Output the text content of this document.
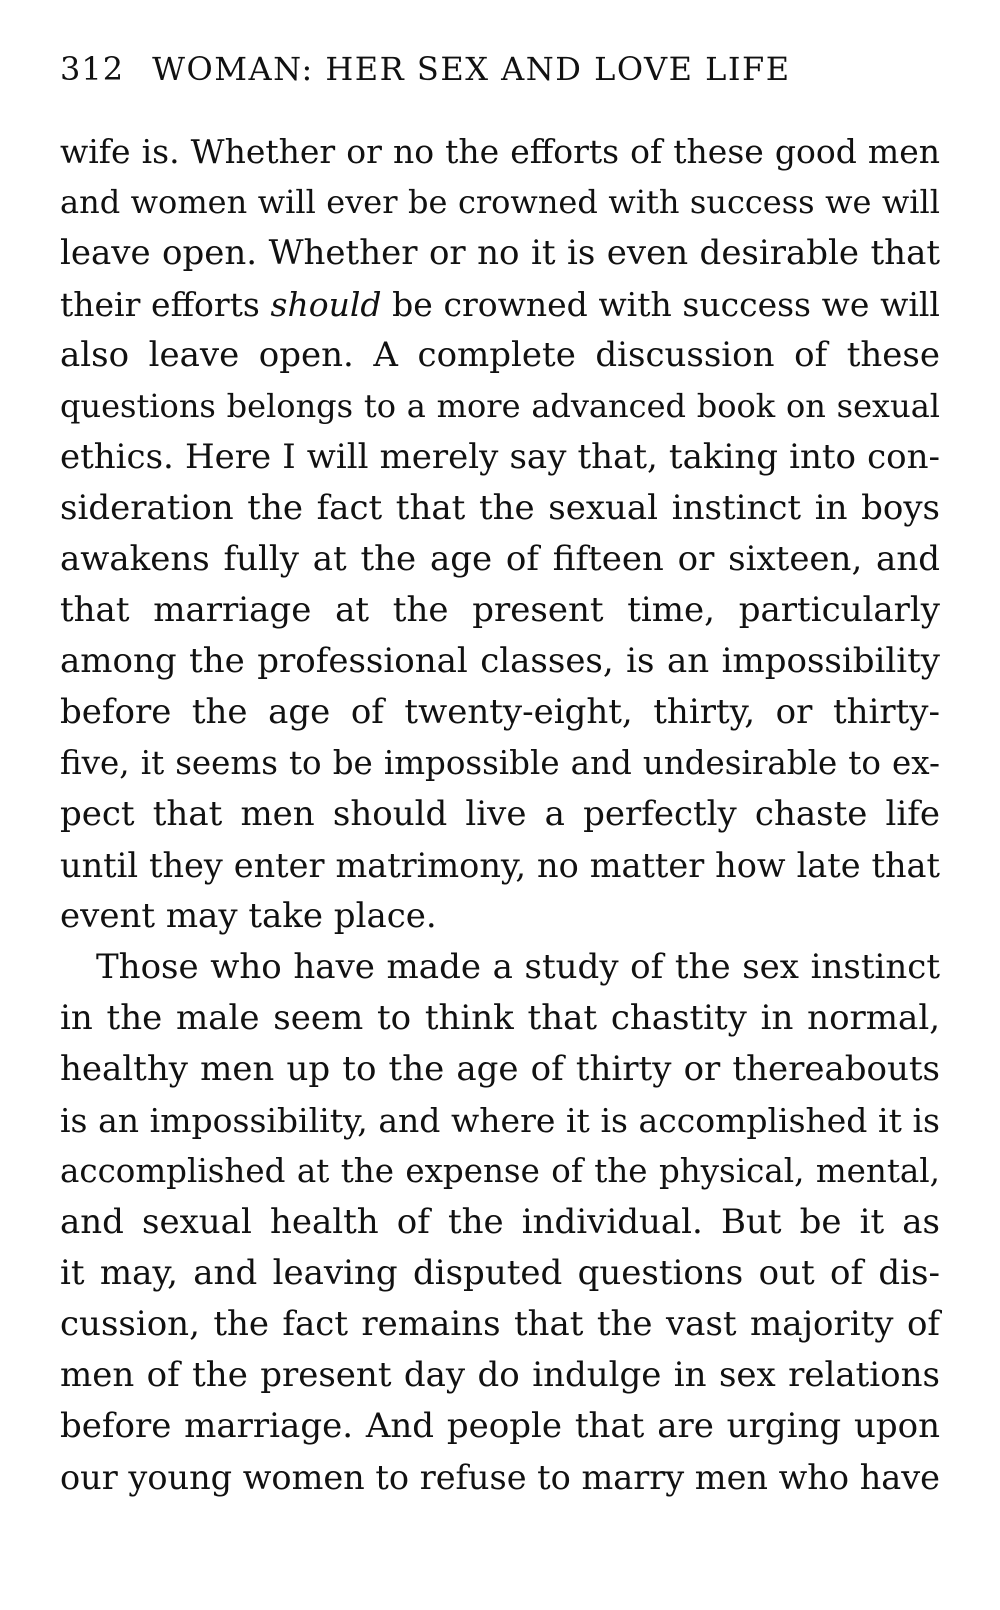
312 WOMAN: HER SEX AND LOVE LIFE
wife is. Whether or no the efforts of these good men
and women will ever be crowned with success we will
leave open. Whether or no it is even desirable that
their efforts should be crowned with success we will
also leave open. A complete discussion of these
questions belongs to a more advanced book on sexual
ethics. Here I will merely say that, taking into con-
sideration the fact that the sexual instinct in boys
awakens fully at the age of fifteen or sixteen, and
that marriage at the present time, particularly
among the professional classes, is an impossibility
before the age of twenty-eight, thirty, or thirty-
five, it seems to be impossible and undesirable to ex-
pect that men should live a perfectly chaste life
until they enter matrimony, no matter how late that
event may take place.
Those who have made a study of the sex instinct
in the male seem to think that chastity in normal,
healthy men up to the age of thirty or thereabouts
is an impossibility, and where it is accomplished it is
accomplished at the expense of the physical, mental,
and sexual health of the individual. But be it as
it may, and leaving disputed questions out of dis-
cussion, the fact remains that the vast majority of
men of the present day do indulge in sex relations
before marriage. And people that are urging upon
our young women to refuse to marry men who have
